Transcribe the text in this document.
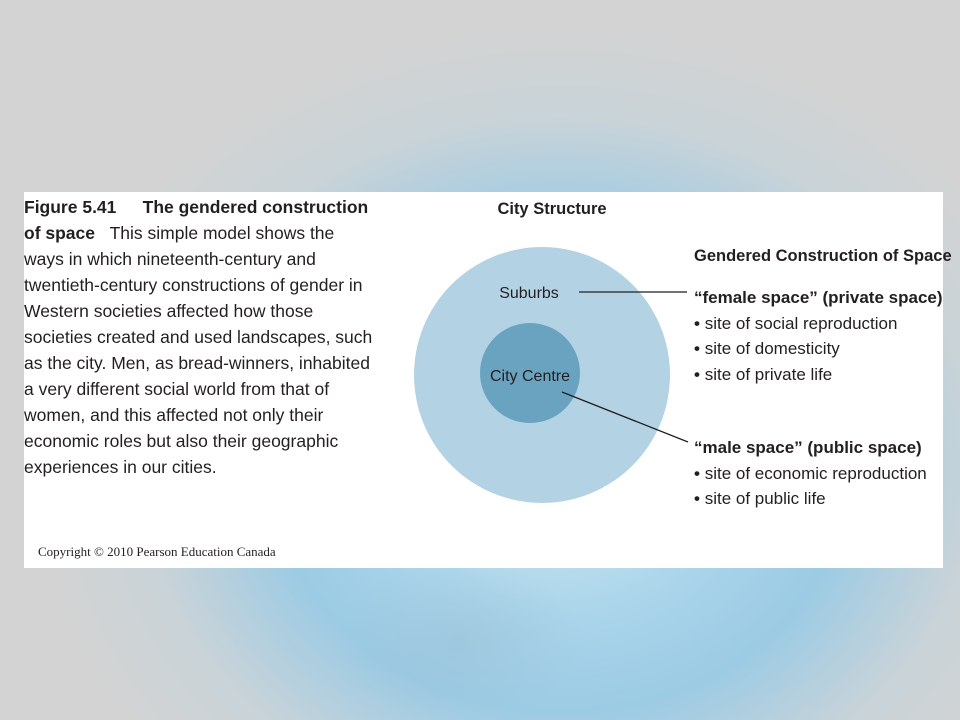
Figure 5.41  The gendered construction of space This simple model shows the ways in which nineteenth-century and twentieth-century constructions of gender in Western societies affected how those societies created and used landscapes, such as the city. Men, as bread-winners, inhabited a very different social world from that of women, and this affected not only their economic roles but also their geographic experiences in our cities.
City Structure
Suburbs
City Centre
Gendered Construction of Space
“female space” (private space)
• site of social reproduction
• site of domesticity
• site of private life
“male space” (public space)
• site of economic reproduction
• site of public life
Copyright © 2010 Pearson Education Canada
